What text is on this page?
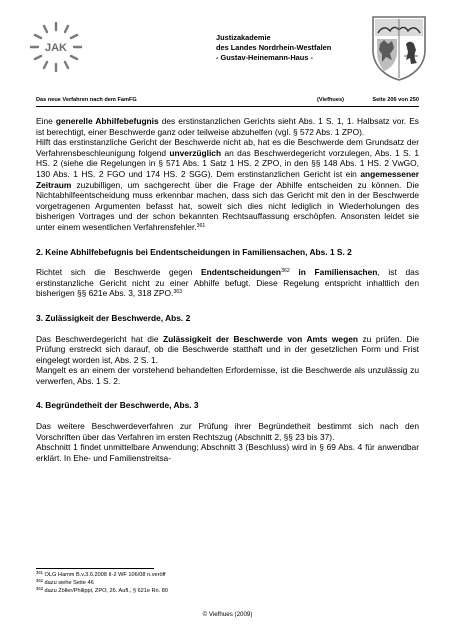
JAK
Justizakademie
des Landes Nordrhein-Westfalen
- Gustav-Heinemann-Haus -
Das neue Verfahren nach dem FamFG	(Viefhues)	Seite 206 von 250

Eine generelle Abhilfebefugnis des erstinstanzlichen Gerichts sieht Abs. 1 S. 1, 1. Halbsatz vor. Es ist berechtigt, einer Beschwerde ganz oder teilweise abzuhelfen (vgl. § 572 Abs. 1 ZPO).

Hilft das erstinstanzliche Gericht der Beschwerde nicht ab, hat es die Beschwerde dem Grundsatz der Verfahrensbeschleunigung folgend unverzüglich an das Beschwerdegericht vorzulegen, Abs. 1 S. 1 HS. 2 (siehe die Regelungen in § 571 Abs. 1 Satz 1 HS. 2 ZPO, in den §§ 148 Abs. 1 HS. 2 VwGO, 130 Abs. 1 HS. 2 FGO und 174 HS. 2 SGG). Dem erstinstanzlichen Gericht ist ein angemessener Zeitraum zuzubilligen, um sachgerecht über die Frage der Abhilfe entscheiden zu können. Die Nichtabhilfeentscheidung muss erkennbar machen, dass sich das Gericht mit den in der Beschwerde vorgetragenen Argumenten befasst hat, soweit sich dies nicht lediglich in Wiederholungen des bisherigen Vortrages und der schon bekannten Rechtsauffassung erschöpfen. Ansonsten leidet sie unter einem wesentlichen Verfahrensfehler.$^{361}$

2. Keine Abhilfebefugnis bei Endentscheidungen in Familiensachen, Abs. 1 S. 2

Richtet sich die Beschwerde gegen Endentscheidungen$^{362}$ in Familiensachen, ist das erstinstanzliche Gericht nicht zu einer Abhilfe befugt. Diese Regelung entspricht inhaltlich den bisherigen §§ 621e Abs. 3, 318 ZPO.$^{363}$

3. Zulässigkeit der Beschwerde, Abs. 2

Das Beschwerdegericht hat die Zulässigkeit der Beschwerde von Amts wegen zu prüfen. Die Prüfung erstreckt sich darauf, ob die Beschwerde statthaft und in der gesetzlichen Form und Frist eingelegt worden ist, Abs. 2 S. 1.

Mangelt es an einem der vorstehend behandelten Erfordernisse, ist die Beschwerde als unzulässig zu verwerfen, Abs. 1 S. 2.

4. Begründetheit der Beschwerde, Abs. 3

Das weitere Beschwerdeverfahren zur Prüfung ihrer Begründetheit bestimmt sich nach den Vorschriften über das Verfahren im ersten Rechtszug (Abschnitt 2, §§ 23 bis 37).

Abschnitt 1 findet unmittelbare Anwendung; Abschnitt 3 (Beschluss) wird in § 69 Abs. 4 für anwendbar erklärt. In Ehe- und Familienstreitsa-

$^{361}$ OLG Hamm B.v.3.6.2008 II-2 WF 106/08 n.veröff
$^{362}$ dazu siehe Seite 46
$^{363}$ dazu Zöller/Philippi, ZPO, 26. Aufl., § 621e Rn. 80
© Viefhues (2009)
